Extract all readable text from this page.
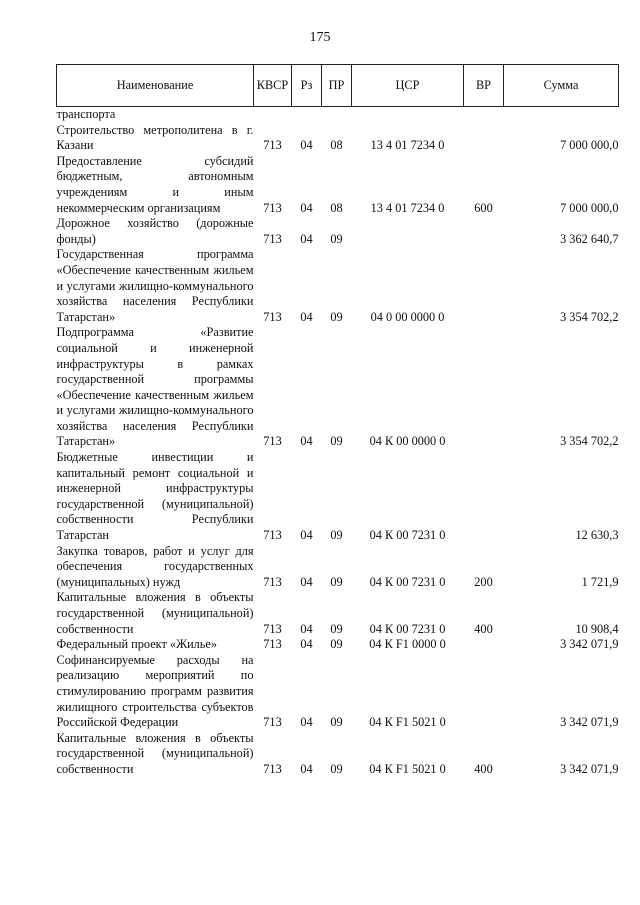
175
Наименование	КВСР	Рз	ПР	ЦСР	ВР	Сумма
транспорта						
Строительство метрополитена в г. Казани	713	04	08	13 4 01 7234 0		7 000 000,0
Предоставление субсидий бюджетным, автономным учреждениям и иным некоммерческим организациям	713	04	08	13 4 01 7234 0	600	7 000 000,0
Дорожное хозяйство (дорожные фонды)	713	04	09			3 362 640,7
Государственная программа «Обеспечение качественным жильем и услугами жилищно-коммунального хозяйства населения Республики Татарстан»	713	04	09	04 0 00 0000 0		3 354 702,2
Подпрограмма «Развитие социальной и инженерной инфраструктуры в рамках государственной программы «Обеспечение качественным жильем и услугами жилищно-коммунального хозяйства населения Республики Татарстан»	713	04	09	04 К 00 0000 0		3 354 702,2
Бюджетные инвестиции и капитальный ремонт социальной и инженерной инфраструктуры государственной (муниципальной) собственности Республики Татарстан	713	04	09	04 К 00 7231 0		12 630,3
Закупка товаров, работ и услуг для обеспечения государственных (муниципальных) нужд	713	04	09	04 К 00 7231 0	200	1 721,9
Капитальные вложения в объекты государственной (муниципальной) собственности	713	04	09	04 К 00 7231 0	400	10 908,4
Федеральный проект «Жилье»	713	04	09	04 К F1 0000 0		3 342 071,9
Софинансируемые расходы на реализацию мероприятий по стимулированию программ развития жилищного строительства субъектов Российской Федерации	713	04	09	04 К F1 5021 0		3 342 071,9
Капитальные вложения в объекты государственной (муниципальной) собственности	713	04	09	04 К F1 5021 0	400	3 342 071,9
